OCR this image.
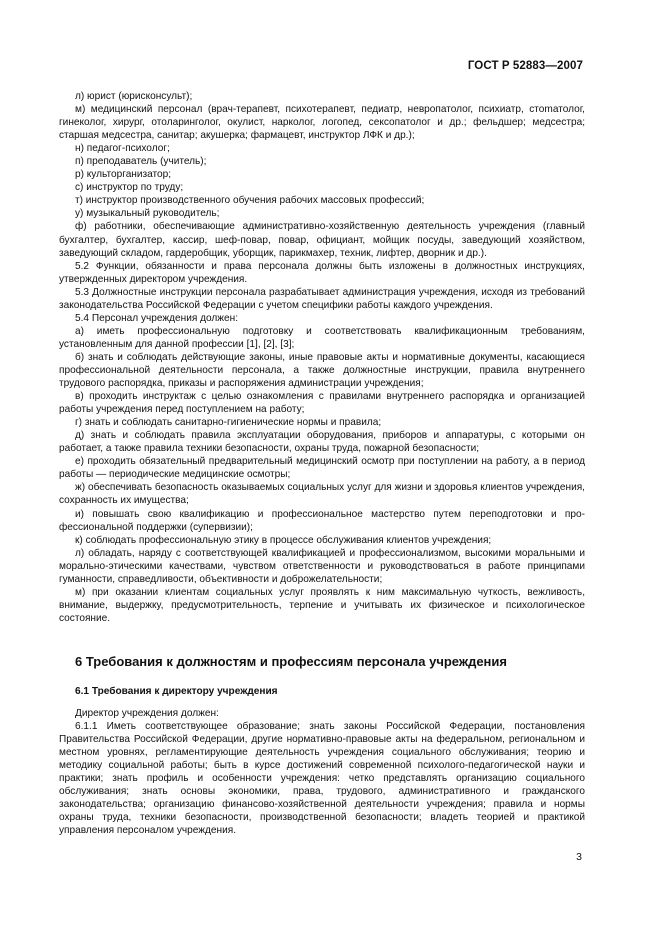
ГОСТ Р 52883—2007

л) юрист (юрисконсульт);

м) медицинский персонал (врач-терапевт, психотерапевт, педиатр, невропатолог, психиатр, стоmатолог, гинеколог, хирург, отоларинголог, окулист, нарколог, логопед, сексопатолог и др.; фельдшер; медсестра; старшая медсестра, санитар; акушерка; фармацевт, инструктор ЛФК и др.);

н) педагог-психолог;

п) преподаватель (учитель);

р) культорганизатор;

с) инструктор по труду;

т) инструктор производственного обучения рабочих массовых профессий;

у) музыкальный руководитель;

ф) работники, обеспечивающие административно-хозяйственную деятельность учреждения (главный бухгалтер, бухгалтер, кассир, шеф-повар, повар, официант, мойщик посуды, заведующий хозяйством, заведующий складом, гардеробщик, уборщик, парикмахер, техник, лифтер, дворник и др.).

5.2 Функции, обязанности и права персонала должны быть изложены в должностных инструкциях, утвержденных директором учреждения.

5.3 Должностные инструкции персонала разрабатывает администрация учреждения, исходя из требований законодательства Российской Федерации с учетом специфики работы каждого учреждения.

5.4 Персонал учреждения должен:

а) иметь профессиональную подготовку и соответствовать квалификационным требованиям, установленным для данной профессии [1], [2], [3];

б) знать и соблюдать действующие законы, иные правовые акты и нормативные документы, касающиеся профессиональной деятельности персонала, а также должностные инструкции, правила внутреннего трудового распорядка, приказы и распоряжения администрации учреждения;

в) проходить инструктаж с целью ознакомления с правилами внутреннего распорядка и организацией работы учреждения перед поступлением на работу;

г) знать и соблюдать санитарно-гигиенические нормы и правила;

д) знать и соблюдать правила эксплуатации оборудования, приборов и аппаратуры, с которыми он работает, а также правила техники безопасности, охраны труда, пожарной безопасности;

е) проходить обязательный предварительный медицинский осмотр при поступлении на работу, а в период работы — периодические медицинские осмотры;

ж) обеспечивать безопасность оказываемых социальных услуг для жизни и здоровья клиентов учреждения, сохранность их имущества;

и) повышать свою квалификацию и профессиональное мастерство путем переподготовки и профессиональной поддержки (супервизии);

к) соблюдать профессиональную этику в процессе обслуживания клиентов учреждения;

л) обладать, наряду с соответствующей квалификацией и профессионализмом, высокими моральными и морально-этическими качествами, чувством ответственности и руководствоваться в работе принципами гуманности, справедливости, объективности и доброжелательности;

м) при оказании клиентам социальных услуг проявлять к ним максимальную чуткость, вежливость, внимание, выдержку, предусмотрительность, терпение и учитывать их физическое и психологическое состояние.

6 Требования к должностям и профессиям персонала учреждения
6.1 Требования к директору учреждения

Директор учреждения должен:

6.1.1 Иметь соответствующее образование; знать законы Российской Федерации, постановления Правительства Российской Федерации, другие нормативно-правовые акты на федеральном, региональном и местном уровнях, регламентирующие деятельность учреждения социального обслуживания; теорию и методику социальной работы; быть в курсе достижений современной психолого-педагогической науки и практики; знать профиль и особенности учреждения: четко представлять организацию социального обслуживания; знать основы экономики, права, трудового, административного и гражданского законодательства; организацию финансово-хозяйственной деятельности учреждения; правила и нормы охраны труда, техники безопасности, производственной безопасности; владеть теорией и практикой управления персоналом учреждения.

3
